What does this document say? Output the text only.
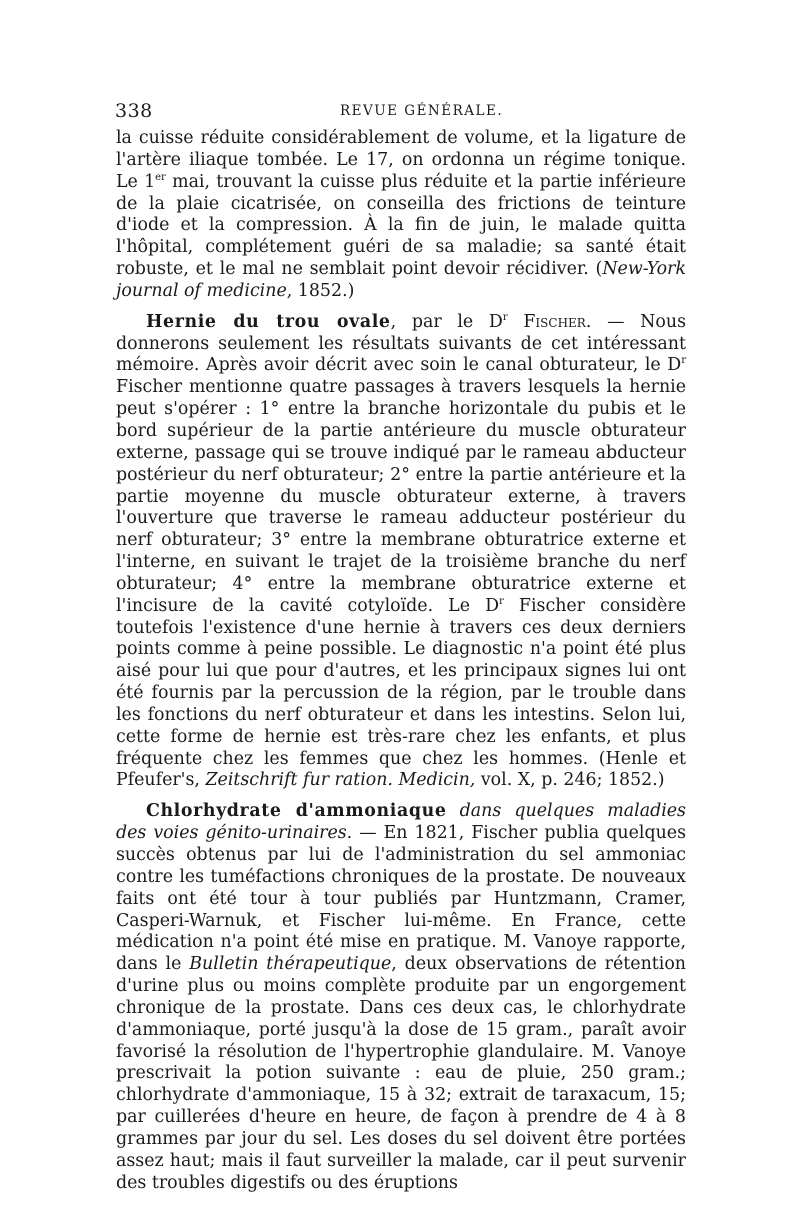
338	REVUE GÉNÉRALE.

la cuisse réduite considérablement de volume, et la ligature de l'artère iliaque tombée. Le 17, on ordonna un régime tonique. Le 1er mai, trouvant la cuisse plus réduite et la partie inférieure de la plaie cicatrisée, on conseilla des frictions de teinture d'iode et la compression. À la fin de juin, le malade quitta l'hôpital, complétement guéri de sa maladie; sa santé était robuste, et le mal ne semblait point devoir récidiver. (New-York journal of medicine, 1852.)

Hernie du trou ovale, par le $D^r$ Fischer. — Nous donnerons seulement les résultats suivants de cet intéressant mémoire. Après avoir décrit avec soin le canal obturateur, le $D^r$ Fischer mentionne quatre passages à travers lesquels la hernie peut s'opérer : 1° entre la branche horizontale du pubis et le bord supérieur de la partie antérieure du muscle obturateur externe, passage qui se trouve indiqué par le rameau abducteur postérieur du nerf obturateur; 2° entre la partie antérieure et la partie moyenne du muscle obturateur externe, à travers l'ouverture que traverse le rameau adducteur postérieur du nerf obturateur; 3° entre la membrane obturatrice externe et l'interne, en suivant le trajet de la troisième branche du nerf obturateur; 4° entre la membrane obturatrice externe et l'incisure de la cavité cotyloïde. Le $D^r$ Fischer considère toutefois l'existence d'une hernie à travers ces deux derniers points comme à peine possible. Le diagnostic n'a point été plus aisé pour lui que pour d'autres, et les principaux signes lui ont été fournis par la percussion de la région, par le trouble dans les fonctions du nerf obturateur et dans les intestins. Selon lui, cette forme de hernie est très-rare chez les enfants, et plus fréquente chez les femmes que chez les hommes. (Henle et Pfeufer's, Zeitschrift fur ration. Medicin, vol. X, p. 246; 1852.)

Chlorhydrate d'ammoniaque dans quelques maladies des voies génito-urinaires. — En 1821, Fischer publia quelques succès obtenus par lui de l'administration du sel ammoniac contre les tuméfactions chroniques de la prostate. De nouveaux faits ont été tour à tour publiés par Huntzmann, Cramer, Casperi-Warnuk, et Fischer lui-même. En France, cette médication n'a point été mise en pratique. M. Vanoye rapporte, dans le Bulletin thérapeutique, deux observations de rétention d'urine plus ou moins complète produite par un engorgement chronique de la prostate. Dans ces deux cas, le chlorhydrate d'ammoniaque, porté jusqu'à la dose de 15 gram., paraît avoir favorisé la résolution de l'hypertrophie glandulaire. M. Vanoye prescrivait la potion suivante : eau de pluie, 250 gram.; chlorhydrate d'ammoniaque, 15 à 32; extrait de taraxacum, 15; par cuillerées d'heure en heure, de façon à prendre de 4 à 8 grammes par jour du sel. Les doses du sel doivent être portées assez haut; mais il faut surveiller la malade, car il peut survenir des troubles digestifs ou des éruptions
